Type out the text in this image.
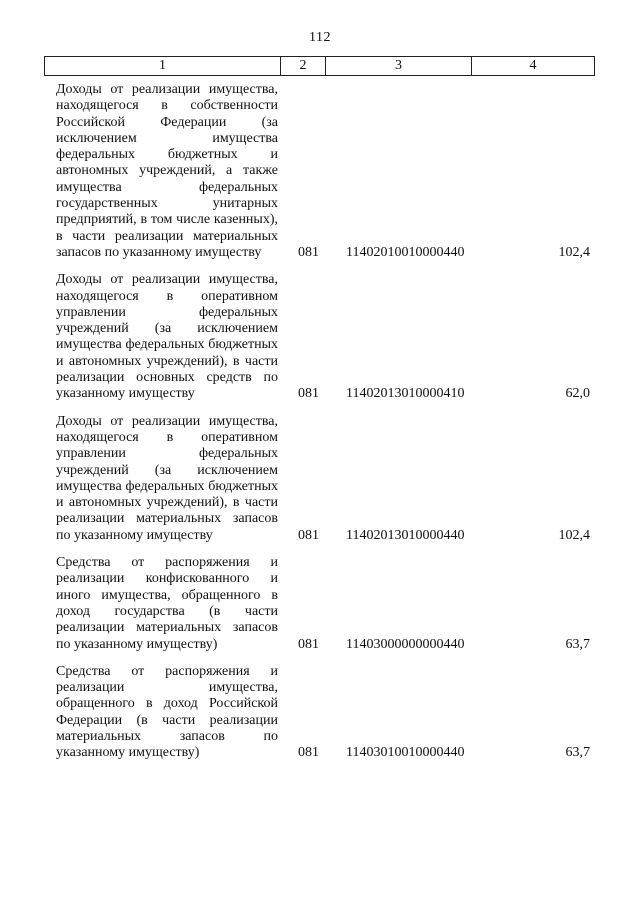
112
1	2	3	4
Доходы от реализации имущества, находящегося в собственности Российской Федерации (за исключением имущества федеральных бюджетных и автономных учреждений, а также имущества федеральных государственных унитарных предприятий, в том числе казенных), в части реализации материальных запасов по указанному имуществу	081 11402010010000440	102,4
Доходы от реализации имущества, находящегося в оперативном управлении федеральных учреждений (за исключением имущества федеральных бюджетных и автономных учреждений), в части реализации основных средств по указанному имуществу	081 11402013010000410	62,0
Доходы от реализации имущества, находящегося в оперативном управлении федеральных учреждений (за исключением имущества федеральных бюджетных и автономных учреждений), в части реализации материальных запасов по указанному имуществу	081 11402013010000440	102,4
Средства от распоряжения и реализации конфискованного и иного имущества, обращенного в доход государства (в части реализации материальных запасов по указанному имуществу)	081 11403000000000440	63,7
Средства от распоряжения и реализации имущества, обращенного в доход Российской Федерации (в части реализации материальных запасов по указанному имуществу)	081 11403010010000440	63,7
